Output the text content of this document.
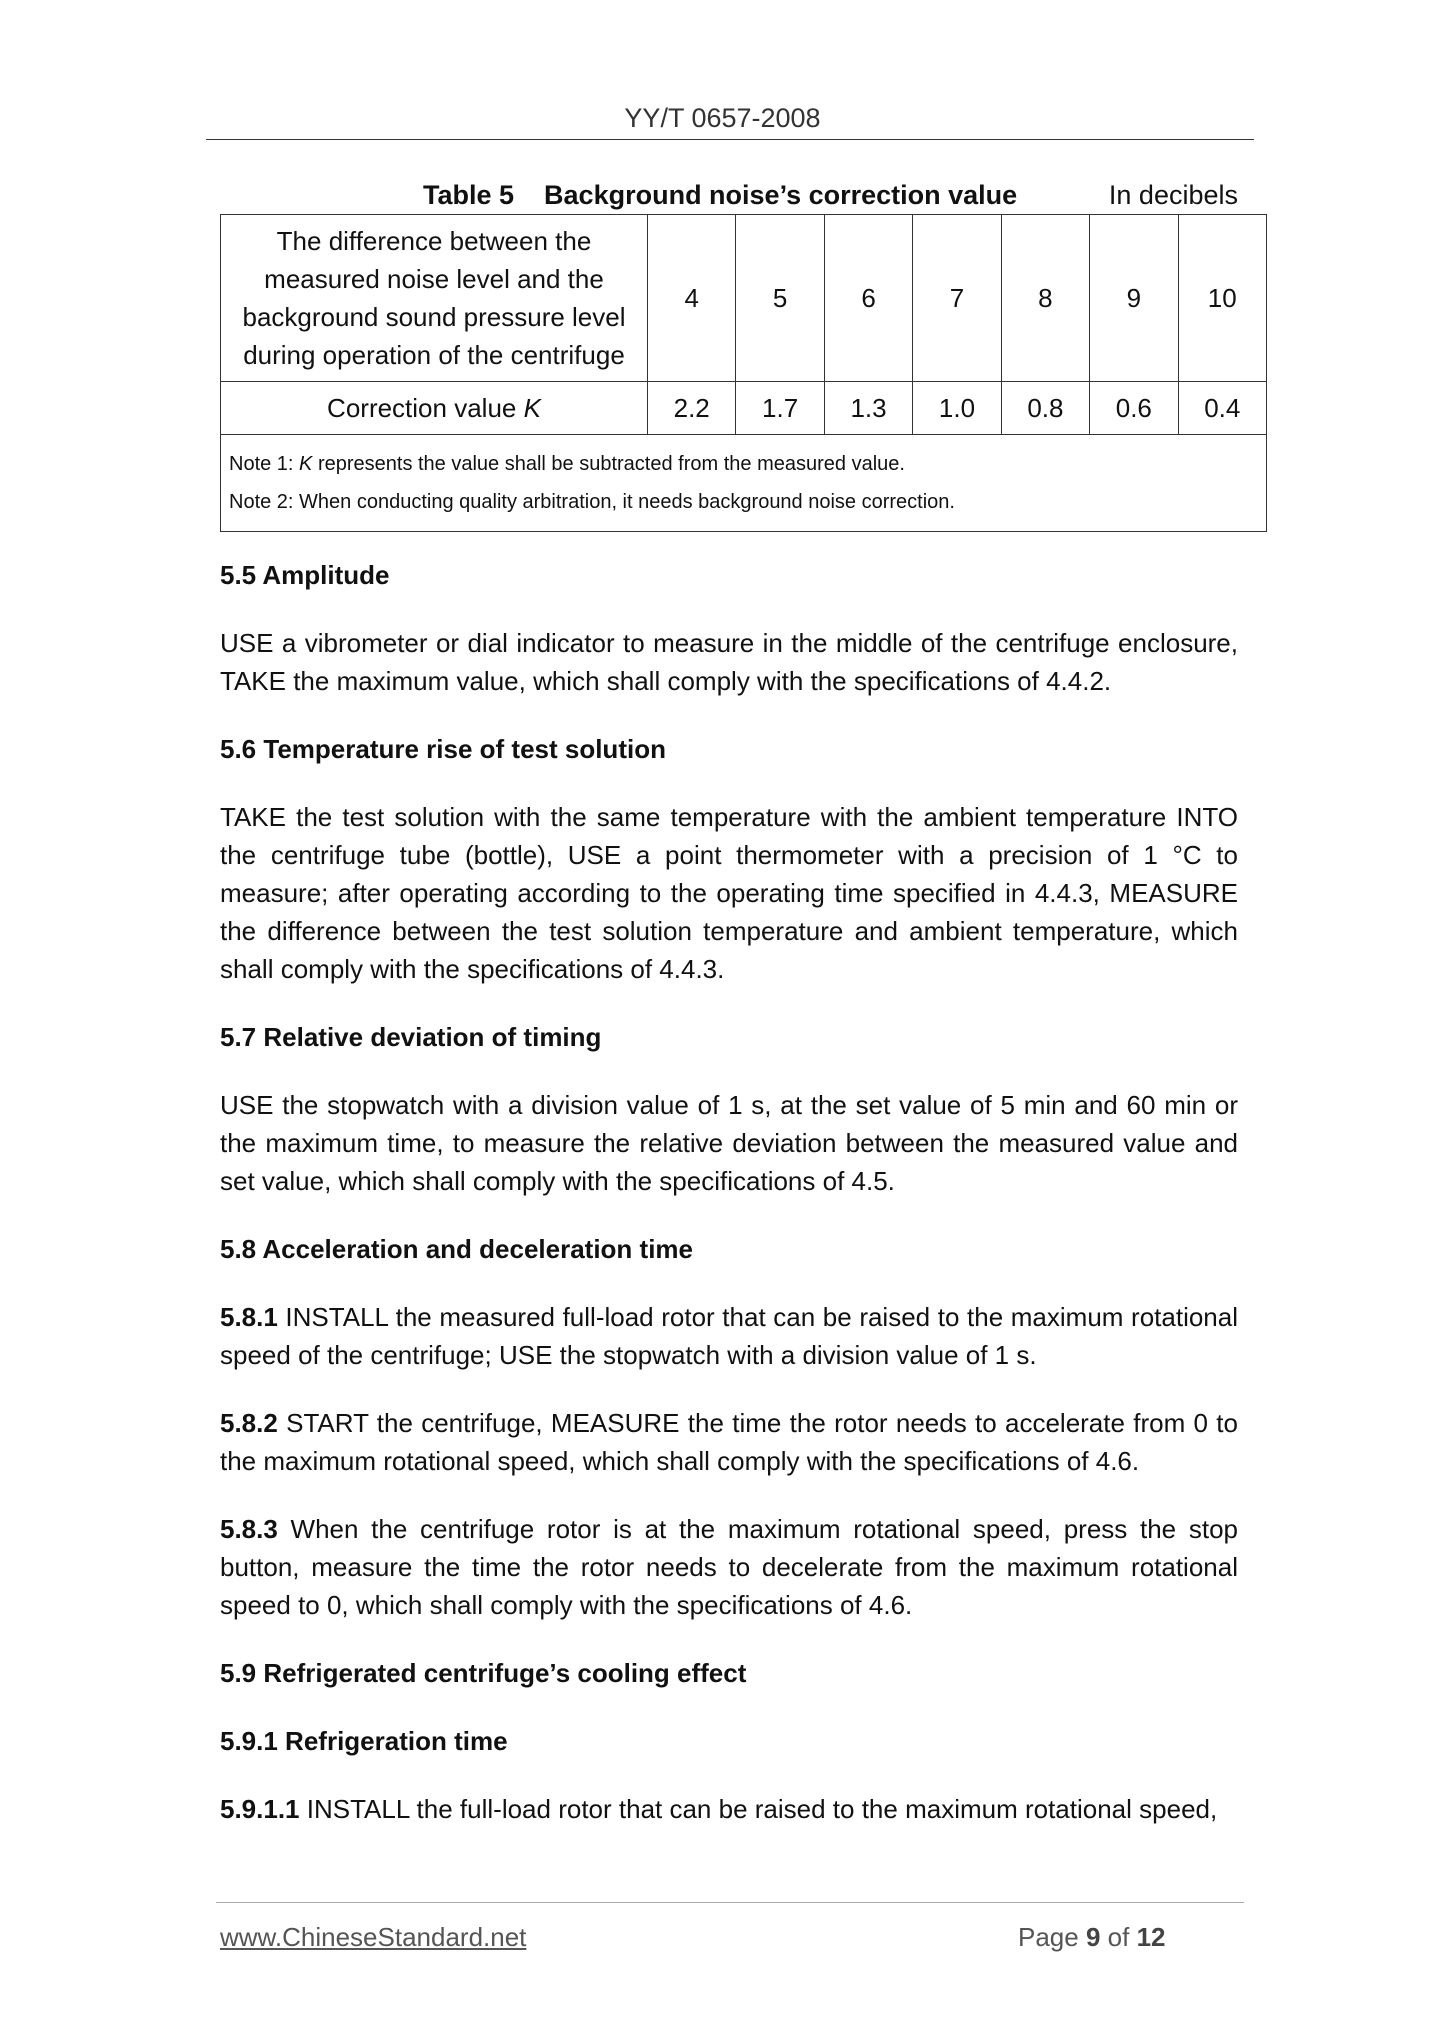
YY/T 0657-2008
Table 5    Background noise’s correction value	In decibels
The difference between the
measured noise level and the
background sound pressure level
during operation of the centrifuge	4	5	6	7	8	9	10
Correction value K	2.2	1.7	1.3	1.0	0.8	0.6	0.4

Note 1: K represents the value shall be subtracted from the measured value.
Note 2: When conducting quality arbitration, it needs background noise correction.							
5.5 Amplitude

USE a vibrometer or dial indicator to measure in the middle of the centrifuge enclosure, TAKE the maximum value, which shall comply with the specifications of 4.4.2.

5.6 Temperature rise of test solution

TAKE the test solution with the same temperature with the ambient temperature INTO the centrifuge tube (bottle), USE a point thermometer with a precision of 1 °C to measure; after operating according to the operating time specified in 4.4.3, MEASURE the difference between the test solution temperature and ambient temperature, which shall comply with the specifications of 4.4.3.

5.7 Relative deviation of timing

USE the stopwatch with a division value of 1 s, at the set value of 5 min and 60 min or the maximum time, to measure the relative deviation between the measured value and set value, which shall comply with the specifications of 4.5.

5.8 Acceleration and deceleration time

5.8.1 INSTALL the measured full-load rotor that can be raised to the maximum rotational speed of the centrifuge; USE the stopwatch with a division value of 1 s.

5.8.2 START the centrifuge, MEASURE the time the rotor needs to accelerate from 0 to the maximum rotational speed, which shall comply with the specifications of 4.6.

5.8.3 When the centrifuge rotor is at the maximum rotational speed, press the stop button, measure the time the rotor needs to decelerate from the maximum rotational speed to 0, which shall comply with the specifications of 4.6.

5.9 Refrigerated centrifuge’s cooling effect
5.9.1 Refrigeration time

5.9.1.1 INSTALL the full-load rotor that can be raised to the maximum rotational speed,

www.ChineseStandard.net	Page 9 of 12
